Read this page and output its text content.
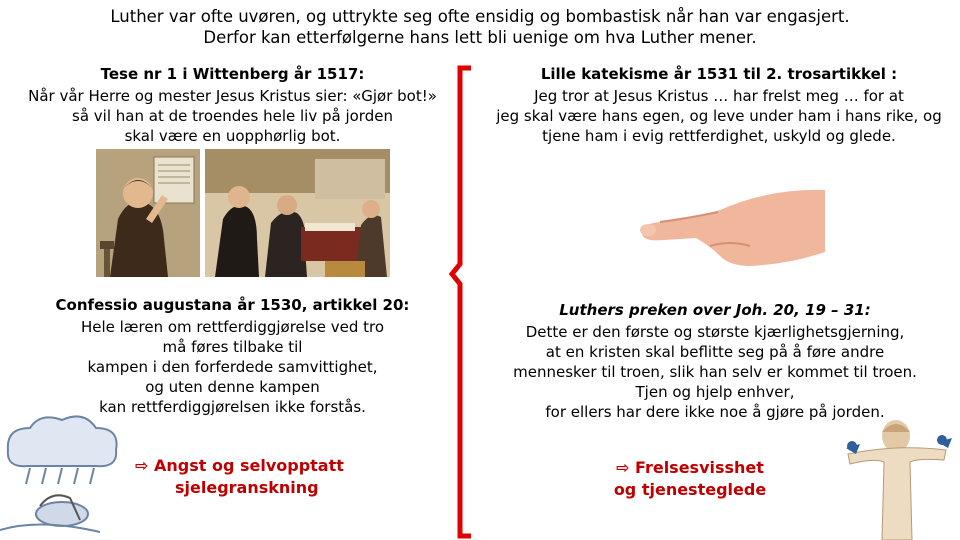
Luther var ofte uvøren, og uttrykte seg ofte ensidig og bombastisk når han var engasjert.
Derfor kan etterfølgerne hans lett bli uenige om hva Luther mener.
Tese nr 1 i Wittenberg år 1517:
Når vår Herre og mester Jesus Kristus sier: «Gjør bot!»
så vil han at de troendes hele liv på jorden
skal være en uopphørlig bot.
Confessio augustana år 1530, artikkel 20:
Hele læren om rettferdiggjørelse ved tro
må føres tilbake til
kampen i den forferdede samvittighet,
og uten denne kampen
kan rettferdiggjørelsen ikke forstås.
⇨ Angst og selvopptatt
sjelegranskning
Lille katekisme år 1531 til 2. trosartikkel :
Jeg tror at Jesus Kristus … har frelst meg … for at
jeg skal være hans egen, og leve under ham i hans rike, og
tjene ham i evig rettferdighet, uskyld og glede.
Luthers preken over Joh. 20, 19 – 31:
Dette er den første og største kjærlighetsgjerning,
at en kristen skal beflitte seg på å føre andre
mennesker til troen, slik han selv er kommet til troen.
Tjen og hjelp enhver,
for ellers har dere ikke noe å gjøre på jorden.
⇨ Frelsesvisshet
og tjenesteglede
